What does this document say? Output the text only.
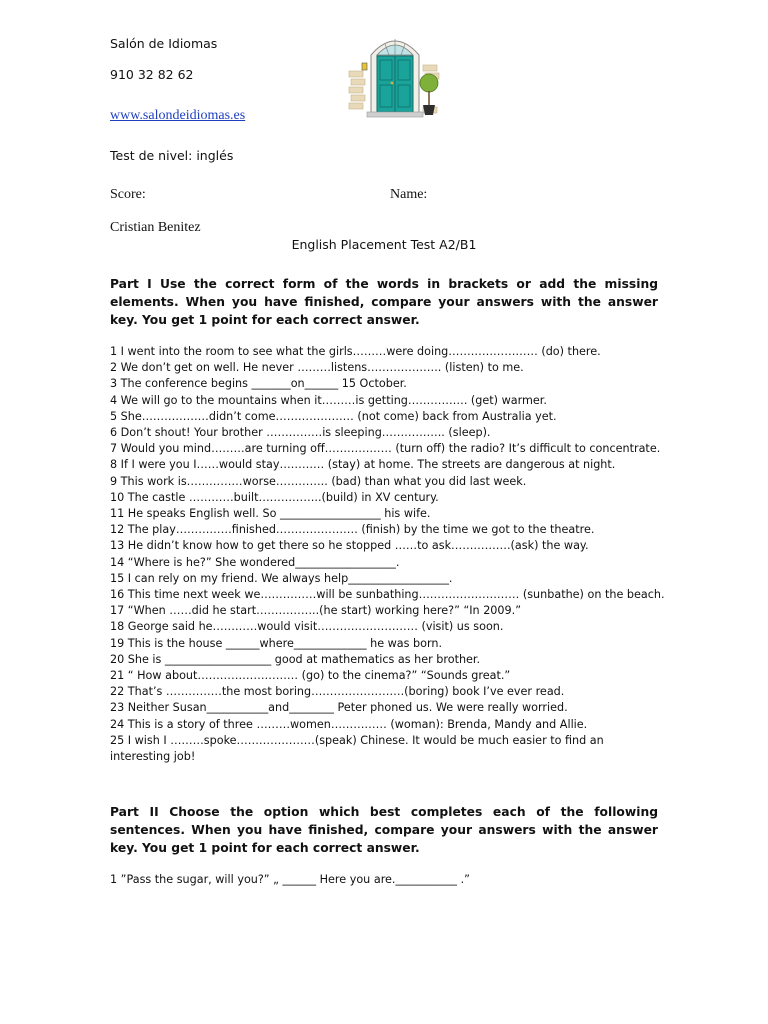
Salón de Idiomas
910 32 82 62
www.salondeidiomas.es
Test de nivel: inglés
Score:	Name:
Cristian Benitez
English Placement Test A2/B1
Part I Use the correct form of the words in brackets or add the missing elements. When you have finished, compare your answers with the answer key. You get 1 point for each correct answer.
1 I went into the room to see what the girls………were doing…………………… (do) there.
2 We don’t get on well. He never ………listens……………….. (listen) to me.
3 The conference begins _______on______ 15 October.
4 We will go to the mountains when it………is getting……………. (get) warmer.
5 She………………didn’t come………………… (not come) back from Australia yet.
6 Don’t shout! Your brother ……………is sleeping…………….. (sleep).
7 Would you mind………are turning off……………… (turn off) the radio? It’s difficult to concentrate.
8 If I were you I……would stay………… (stay) at home. The streets are dangerous at night.
9 This work is……………worse………….. (bad) than what you did last week.
10 The castle …………built……………..(build) in XV century.
11 He speaks English well. So __________________ his wife.
12 The play……………finished…………………. (finish) by the time we got to the theatre.
13 He didn’t know how to get there so he stopped ……to ask…………….(ask) the way.
14 “Where is he?” She wondered__________________.
15 I can rely on my friend. We always help__________________.
16 This time next week we……………will be sunbathing……………………… (sunbathe) on the beach.
17 “When ……did he start……………..(he start) working here?” “In 2009.”
18 George said he…………would visit……………………… (visit) us soon.
19 This is the house ______where_____________ he was born.
20 She is ___________________ good at mathematics as her brother.
21 “ How about……………………… (go) to the cinema?” “Sounds great.”
22 That’s ……………the most boring…………………….(boring) book I’ve ever read.
23 Neither Susan___________and________ Peter phoned us. We were really worried.
24 This is a story of three ………women…………… (woman): Brenda, Mandy and Allie.
25 I wish I ………spoke…………………(speak) Chinese. It would be much easier to find an interesting job!
Part II Choose the option which best completes each of the following sentences. When you have finished, compare your answers with the answer key. You get 1 point for each correct answer.
1 ”Pass the sugar, will you?” „ ______ Here you are.___________ .”
